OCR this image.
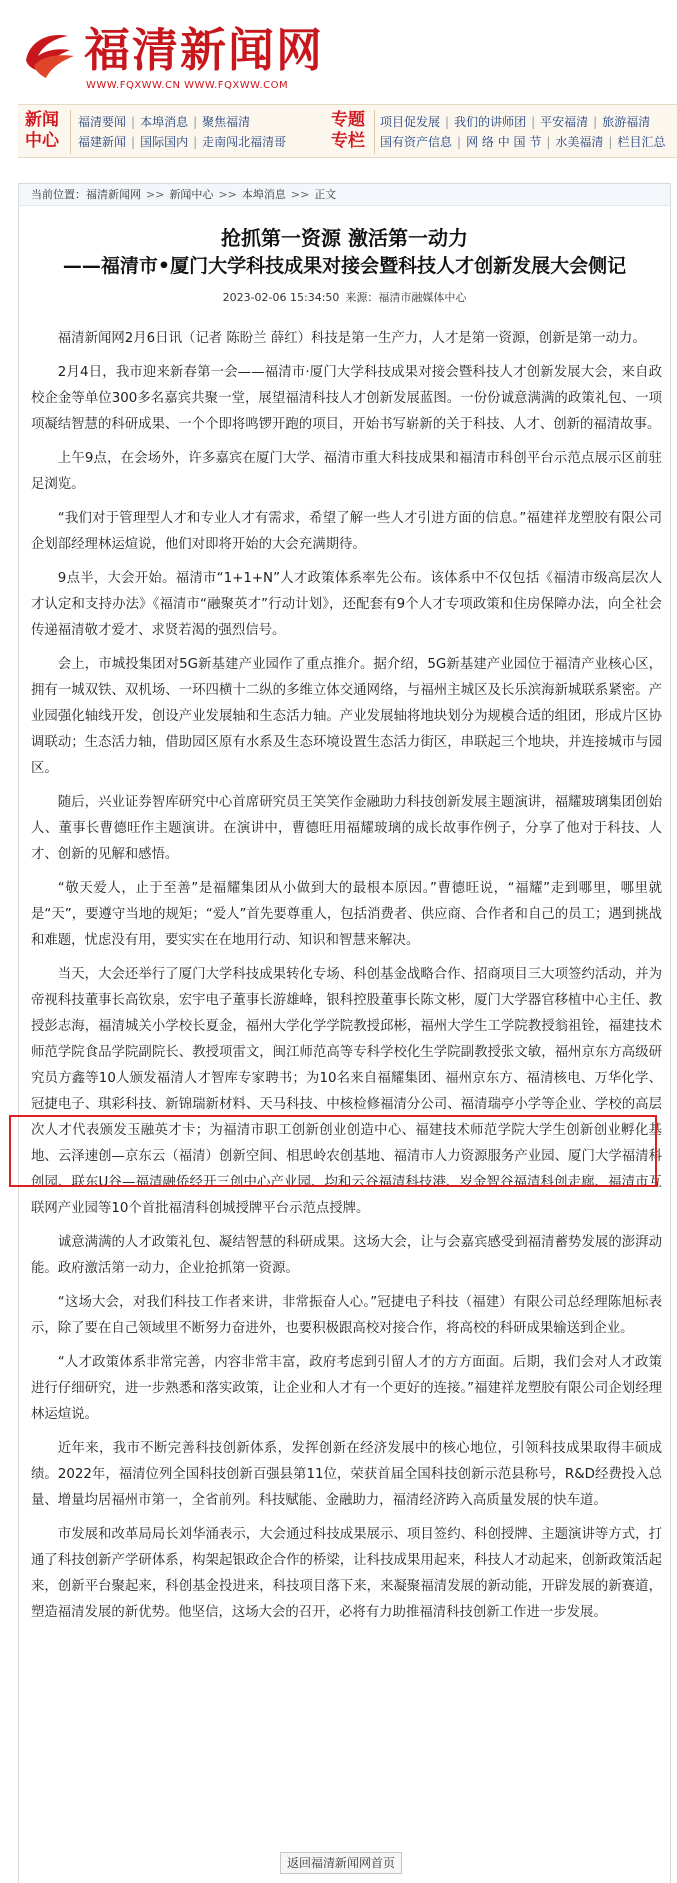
福清新闻网
WWW.FQXWW.CN WWW.FQXWW.COM
新闻
中心
福清要闻 | 本埠消息 | 聚焦福清
福建新闻 | 国际国内 | 走南闯北福清哥
专题
专栏
项目促发展 | 我们的讲师团 | 平安福清 | 旅游福清
国有资产信息 | 网 络 中 国 节 | 水美福清 | 栏目汇总
当前位置：福清新闻网 >> 新闻中心 >> 本埠消息 >> 正文
抢抓第一资源 激活第一动力
——福清市•厦门大学科技成果对接会暨科技人才创新发展大会侧记
2023-02-06 15:34:50 来源：福清市融媒体中心

福清新闻网2月6日讯（记者 陈盼兰 薛红）科技是第一生产力，人才是第一资源，创新是第一动力。

2月4日，我市迎来新春第一会——福清市·厦门大学科技成果对接会暨科技人才创新发展大会，来自政校企金等单位300多名嘉宾共聚一堂，展望福清科技人才创新发展蓝图。一份份诚意满满的政策礼包、一项项凝结智慧的科研成果、一个个即将鸣锣开跑的项目，开始书写崭新的关于科技、人才、创新的福清故事。

上午9点，在会场外，许多嘉宾在厦门大学、福清市重大科技成果和福清市科创平台示范点展示区前驻足浏览。

“我们对于管理型人才和专业人才有需求，希望了解一些人才引进方面的信息。”福建祥龙塑胶有限公司企划部经理林运煊说，他们对即将开始的大会充满期待。

9点半，大会开始。福清市“1+1+N”人才政策体系率先公布。该体系中不仅包括《福清市级高层次人才认定和支持办法》《福清市“融聚英才”行动计划》，还配套有9个人才专项政策和住房保障办法，向全社会传递福清敬才爱才、求贤若渴的强烈信号。

会上，市城投集团对5G新基建产业园作了重点推介。据介绍，5G新基建产业园位于福清产业核心区，拥有一城双铁、双机场、一环四横十二纵的多维立体交通网络，与福州主城区及长乐滨海新城联系紧密。产业园强化轴线开发，创设产业发展轴和生态活力轴。产业发展轴将地块划分为规模合适的组团，形成片区协调联动；生态活力轴，借助园区原有水系及生态环境设置生态活力街区，串联起三个地块，并连接城市与园区。

随后，兴业证券智库研究中心首席研究员王笑笑作金融助力科技创新发展主题演讲，福耀玻璃集团创始人、董事长曹德旺作主题演讲。在演讲中，曹德旺用福耀玻璃的成长故事作例子，分享了他对于科技、人才、创新的见解和感悟。

“敬天爱人，止于至善”是福耀集团从小做到大的最根本原因。”曹德旺说，“福耀”走到哪里，哪里就是“天”，要遵守当地的规矩；“爱人”首先要尊重人，包括消费者、供应商、合作者和自己的员工；遇到挑战和难题，忧虑没有用，要实实在在地用行动、知识和智慧来解决。

当天，大会还举行了厦门大学科技成果转化专场、科创基金战略合作、招商项目三大项签约活动，并为帝视科技董事长高钦泉，宏宇电子董事长游雄峰，银科控股董事长陈文彬，厦门大学器官移植中心主任、教授彭志海，福清城关小学校长夏金，福州大学化学学院教授邱彬，福州大学生工学院教授翁祖铨，福建技术师范学院食品学院副院长、教授项雷文，闽江师范高等专科学校化生学院副教授张文敏，福州京东方高级研究员方鑫等10人颁发福清人才智库专家聘书；为10名来自福耀集团、福州京东方、福清核电、万华化学、冠捷电子、琪彩科技、新锦瑞新材料、天马科技、中核检修福清分公司、福清瑞亭小学等企业、学校的高层次人才代表颁发玉融英才卡；为福清市职工创新创业创造中心、福建技术师范学院大学生创新创业孵化基地、云泽速创—京东云（福清）创新空间、相思岭农创基地、福清市人力资源服务产业园、厦门大学福清科创园、联东U谷—福清融侨经开三创中心产业园、均和云谷福清科技港、岁金智谷福清科创走廊、福清市互联网产业园等10个首批福清科创城授牌平台示范点授牌。

诚意满满的人才政策礼包、凝结智慧的科研成果。这场大会，让与会嘉宾感受到福清蓄势发展的澎湃动能。政府激活第一动力，企业抢抓第一资源。

“这场大会，对我们科技工作者来讲，非常振奋人心。”冠捷电子科技（福建）有限公司总经理陈旭标表示，除了要在自己领域里不断努力奋进外，也要积极跟高校对接合作，将高校的科研成果输送到企业。

“人才政策体系非常完善，内容非常丰富，政府考虑到引留人才的方方面面。后期，我们会对人才政策进行仔细研究，进一步熟悉和落实政策，让企业和人才有一个更好的连接。”福建祥龙塑胶有限公司企划经理林运煊说。

近年来，我市不断完善科技创新体系，发挥创新在经济发展中的核心地位，引领科技成果取得丰硕成绩。2022年，福清位列全国科技创新百强县第11位，荣获首届全国科技创新示范县称号，R&D经费投入总量、增量均居福州市第一，全省前列。科技赋能、金融助力，福清经济跨入高质量发展的快车道。

市发展和改革局局长刘华涌表示，大会通过科技成果展示、项目签约、科创授牌、主题演讲等方式，打通了科技创新产学研体系，构架起银政企合作的桥梁，让科技成果用起来，科技人才动起来，创新政策活起来，创新平台聚起来，科创基金投进来，科技项目落下来，来凝聚福清发展的新动能，开辟发展的新赛道，塑造福清发展的新优势。他坚信，这场大会的召开，必将有力助推福清科技创新工作进一步发展。

返回福清新闻网首页
